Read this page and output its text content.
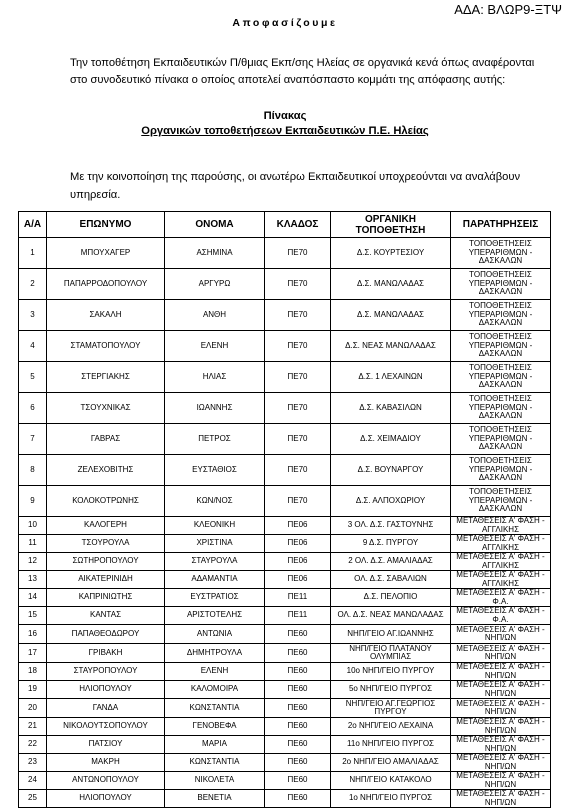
ΑΔΑ: ΒΛΩΡ9-ΞΤΨ
Αποφασίζουμε

Την τοποθέτηση Εκπαιδευτικών Π/θμιας Εκπ/σης Ηλείας σε οργανικά κενά όπως αναφέρονται

στο συνοδευτικό πίνακα ο οποίος αποτελεί αναπόσπαστο κομμάτι της απόφασης αυτής:

Πίνακας
Οργανικών τοποθετήσεων Εκπαιδευτικών Π.Ε. Ηλείας

Με την κοινοποίηση της παρούσης, οι ανωτέρω Εκπαιδευτικοί υποχρεούνται να αναλάβουν

υπηρεσία.

Α/Α	ΕΠΩΝΥΜΟ	ΟΝΟΜΑ	ΚΛΑΔΟΣ	ΟΡΓΑΝΙΚΗ ΤΟΠΟΘΕΤΗΣΗ	ΠΑΡΑΤΗΡΗΣΕΙΣ
1	ΜΠΟΥΧΑΓΕΡ	ΑΣΗΜΙΝΑ	ΠΕ70	Δ.Σ. ΚΟΥΡΤΕΣΙΟΥ	ΤΟΠΟΘΕΤΗΣΕΙΣ ΥΠΕΡΑΡΙΘΜΩΝ - ΔΑΣΚΑΛΩΝ
2	ΠΑΠΑΡΡΟΔΟΠΟΥΛΟΥ	ΑΡΓΥΡΩ	ΠΕ70	Δ.Σ. ΜΑΝΩΛΑΔΑΣ	ΤΟΠΟΘΕΤΗΣΕΙΣ ΥΠΕΡΑΡΙΘΜΩΝ - ΔΑΣΚΑΛΩΝ
3	ΣΑΚΑΛΗ	ΑΝΘΗ	ΠΕ70	Δ.Σ. ΜΑΝΩΛΑΔΑΣ	ΤΟΠΟΘΕΤΗΣΕΙΣ ΥΠΕΡΑΡΙΘΜΩΝ - ΔΑΣΚΑΛΩΝ
4	ΣΤΑΜΑΤΟΠΟΥΛΟΥ	ΕΛΕΝΗ	ΠΕ70	Δ.Σ. ΝΕΑΣ ΜΑΝΩΛΑΔΑΣ	ΤΟΠΟΘΕΤΗΣΕΙΣ ΥΠΕΡΑΡΙΘΜΩΝ - ΔΑΣΚΑΛΩΝ
5	ΣΤΕΡΓΙΑΚΗΣ	ΗΛΙΑΣ	ΠΕ70	Δ.Σ. 1 ΛΕΧΑΙΝΩΝ	ΤΟΠΟΘΕΤΗΣΕΙΣ ΥΠΕΡΑΡΙΘΜΩΝ - ΔΑΣΚΑΛΩΝ
6	ΤΣΟΥΧΝΙΚΑΣ	ΙΩΑΝΝΗΣ	ΠΕ70	Δ.Σ. ΚΑΒΑΣΙΛΩΝ	ΤΟΠΟΘΕΤΗΣΕΙΣ ΥΠΕΡΑΡΙΘΜΩΝ - ΔΑΣΚΑΛΩΝ
7	ΓΑΒΡΑΣ	ΠΕΤΡΟΣ	ΠΕ70	Δ.Σ. ΧΕΙΜΑΔΙΟΥ	ΤΟΠΟΘΕΤΗΣΕΙΣ ΥΠΕΡΑΡΙΘΜΩΝ - ΔΑΣΚΑΛΩΝ
8	ΖΕΛΕΧΟΒΙΤΗΣ	ΕΥΣΤΑΘΙΟΣ	ΠΕ70	Δ.Σ. ΒΟΥΝΑΡΓΟΥ	ΤΟΠΟΘΕΤΗΣΕΙΣ ΥΠΕΡΑΡΙΘΜΩΝ - ΔΑΣΚΑΛΩΝ
9	ΚΟΛΟΚΟΤΡΩΝΗΣ	ΚΩΝ/ΝΟΣ	ΠΕ70	Δ.Σ. ΑΛΠΟΧΩΡΙΟΥ	ΤΟΠΟΘΕΤΗΣΕΙΣ ΥΠΕΡΑΡΙΘΜΩΝ - ΔΑΣΚΑΛΩΝ
10	ΚΑΛΟΓΕΡΗ	ΚΛΕΟΝΙΚΗ	ΠΕ06	3 ΟΛ. Δ.Σ. ΓΑΣΤΟΥΝΗΣ	ΜΕΤΑΘΕΣΕΙΣ Α' ΦΑΣΗ - ΑΓΓΛΙΚΗΣ
11	ΤΣΟΥΡΟΥΛΑ	ΧΡΙΣΤΙΝΑ	ΠΕ06	9 Δ.Σ. ΠΥΡΓΟΥ	ΜΕΤΑΘΕΣΕΙΣ Α' ΦΑΣΗ - ΑΓΓΛΙΚΗΣ
12	ΣΩΤΗΡΟΠΟΥΛΟΥ	ΣΤΑΥΡΟΥΛΑ	ΠΕ06	2 ΟΛ. Δ.Σ. ΑΜΑΛΙΑΔΑΣ	ΜΕΤΑΘΕΣΕΙΣ Α' ΦΑΣΗ - ΑΓΓΛΙΚΗΣ
13	ΑΙΚΑΤΕΡΙΝΙΔΗ	ΑΔΑΜΑΝΤΙΑ	ΠΕ06	ΟΛ. Δ.Σ. ΣΑΒΑΛΙΩΝ	ΜΕΤΑΘΕΣΕΙΣ Α' ΦΑΣΗ - ΑΓΓΛΙΚΗΣ
14	ΚΑΠΡΙΝΙΩΤΗΣ	ΕΥΣΤΡΑΤΙΟΣ	ΠΕ11	Δ.Σ. ΠΕΛΟΠΙΟ	ΜΕΤΑΘΕΣΕΙΣ Α' ΦΑΣΗ - Φ.Α.
15	ΚΑΝΤΑΣ	ΑΡΙΣΤΟΤΕΛΗΣ	ΠΕ11	ΟΛ. Δ.Σ. ΝΕΑΣ ΜΑΝΩΛΑΔΑΣ	ΜΕΤΑΘΕΣΕΙΣ Α' ΦΑΣΗ - Φ.Α.
16	ΠΑΠΑΘΕΟΔΩΡΟΥ	ΑΝΤΩΝΙΑ	ΠΕ60	ΝΗΠ/ΓΕΙΟ ΑΓ.ΙΩΑΝΝΗΣ	ΜΕΤΑΘΕΣΕΙΣ Α' ΦΑΣΗ - ΝΗΠ/ΩΝ
17	ΓΡΙΒΑΚΗ	ΔΗΜΗΤΡΟΥΛΑ	ΠΕ60	ΝΗΠ/ΓΕΙΟ ΠΛΑΤΑΝΟΥ ΟΛΥΜΠΙΑΣ	ΜΕΤΑΘΕΣΕΙΣ Α' ΦΑΣΗ - ΝΗΠ/ΩΝ
18	ΣΤΑΥΡΟΠΟΥΛΟΥ	ΕΛΕΝΗ	ΠΕ60	10ο ΝΗΠ/ΓΕΙΟ ΠΥΡΓΟΥ	ΜΕΤΑΘΕΣΕΙΣ Α' ΦΑΣΗ - ΝΗΠ/ΩΝ
19	ΗΛΙΟΠΟΥΛΟΥ	ΚΑΛΟΜΟΙΡΑ	ΠΕ60	5ο ΝΗΠ/ΓΕΙΟ ΠΥΡΓΟΣ	ΜΕΤΑΘΕΣΕΙΣ Α' ΦΑΣΗ - ΝΗΠ/ΩΝ
20	ΓΑΝΔΑ	ΚΩΝΣΤΑΝΤΙΑ	ΠΕ60	ΝΗΠ/ΓΕΙΟ ΑΓ.ΓΕΩΡΓΙΟΣ ΠΥΡΓΟΥ	ΜΕΤΑΘΕΣΕΙΣ Α' ΦΑΣΗ - ΝΗΠ/ΩΝ
21	ΝΙΚΟΛΟΥΤΣΟΠΟΥΛΟΥ	ΓΕΝΟΒΕΦΑ	ΠΕ60	2ο ΝΗΠ/ΓΕΙΟ ΛΕΧΑΙΝΑ	ΜΕΤΑΘΕΣΕΙΣ Α' ΦΑΣΗ - ΝΗΠ/ΩΝ
22	ΠΑΤΣΙΟΥ	ΜΑΡΙΑ	ΠΕ60	11ο ΝΗΠ/ΓΕΙΟ ΠΥΡΓΟΣ	ΜΕΤΑΘΕΣΕΙΣ Α' ΦΑΣΗ - ΝΗΠ/ΩΝ
23	ΜΑΚΡΗ	ΚΩΝΣΤΑΝΤΙΑ	ΠΕ60	2ο ΝΗΠ/ΓΕΙΟ ΑΜΑΛΙΑΔΑΣ	ΜΕΤΑΘΕΣΕΙΣ Α' ΦΑΣΗ - ΝΗΠ/ΩΝ
24	ΑΝΤΩΝΟΠΟΥΛΟΥ	ΝΙΚΟΛΕΤΑ	ΠΕ60	ΝΗΠ/ΓΕΙΟ ΚΑΤΑΚΟΛΟ	ΜΕΤΑΘΕΣΕΙΣ Α' ΦΑΣΗ - ΝΗΠ/ΩΝ
25	ΗΛΙΟΠΟΥΛΟΥ	ΒΕΝΕΤΙΑ	ΠΕ60	1ο ΝΗΠ/ΓΕΙΟ ΠΥΡΓΟΣ	ΜΕΤΑΘΕΣΕΙΣ Α' ΦΑΣΗ - ΝΗΠ/ΩΝ
